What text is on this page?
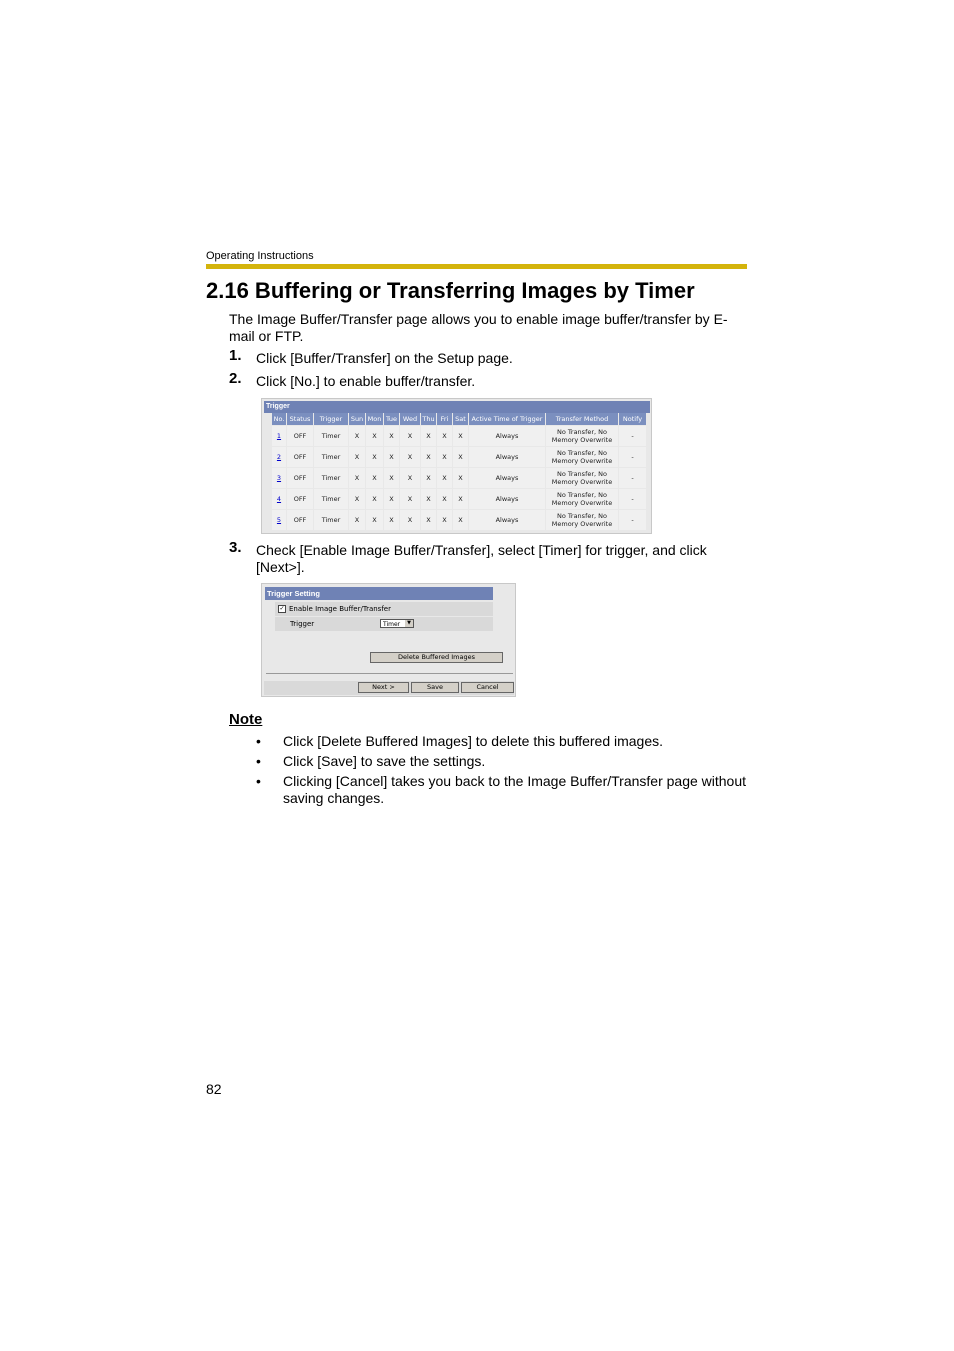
Operating Instructions
2.16 Buffering or Transferring Images by Timer

The Image Buffer/Transfer page allows you to enable image buffer/transfer by E-mail or FTP.

1. Click [Buffer/Transfer] on the Setup page.
2. Click [No.] to enable buffer/transfer.
Trigger
No.	Status	Trigger	Sun	Mon	Tue	Wed	Thu	Fri	Sat	Active Time of Trigger	Transfer Method	Notify
1	OFF	Timer	X	X	X	X	X	X	X	Always	No Transfer, No Memory Overwrite	-
2	OFF	Timer	X	X	X	X	X	X	X	Always	No Transfer, No Memory Overwrite	-
3	OFF	Timer	X	X	X	X	X	X	X	Always	No Transfer, No Memory Overwrite	-
4	OFF	Timer	X	X	X	X	X	X	X	Always	No Transfer, No Memory Overwrite	-
5	OFF	Timer	X	X	X	X	X	X	X	Always	No Transfer, No Memory Overwrite	-
3. Check [Enable Image Buffer/Transfer], select [Timer] for trigger, and click [Next>].
Trigger Setting
✓ Enable Image Buffer/Transfer
Trigger	Timer	▼
Delete Buffered Images
Next >	Save	Cancel
Note
• Click [Delete Buffered Images] to delete this buffered images.
• Click [Save] to save the settings.
• Clicking [Cancel] takes you back to the Image Buffer/Transfer page without saving changes.
82
